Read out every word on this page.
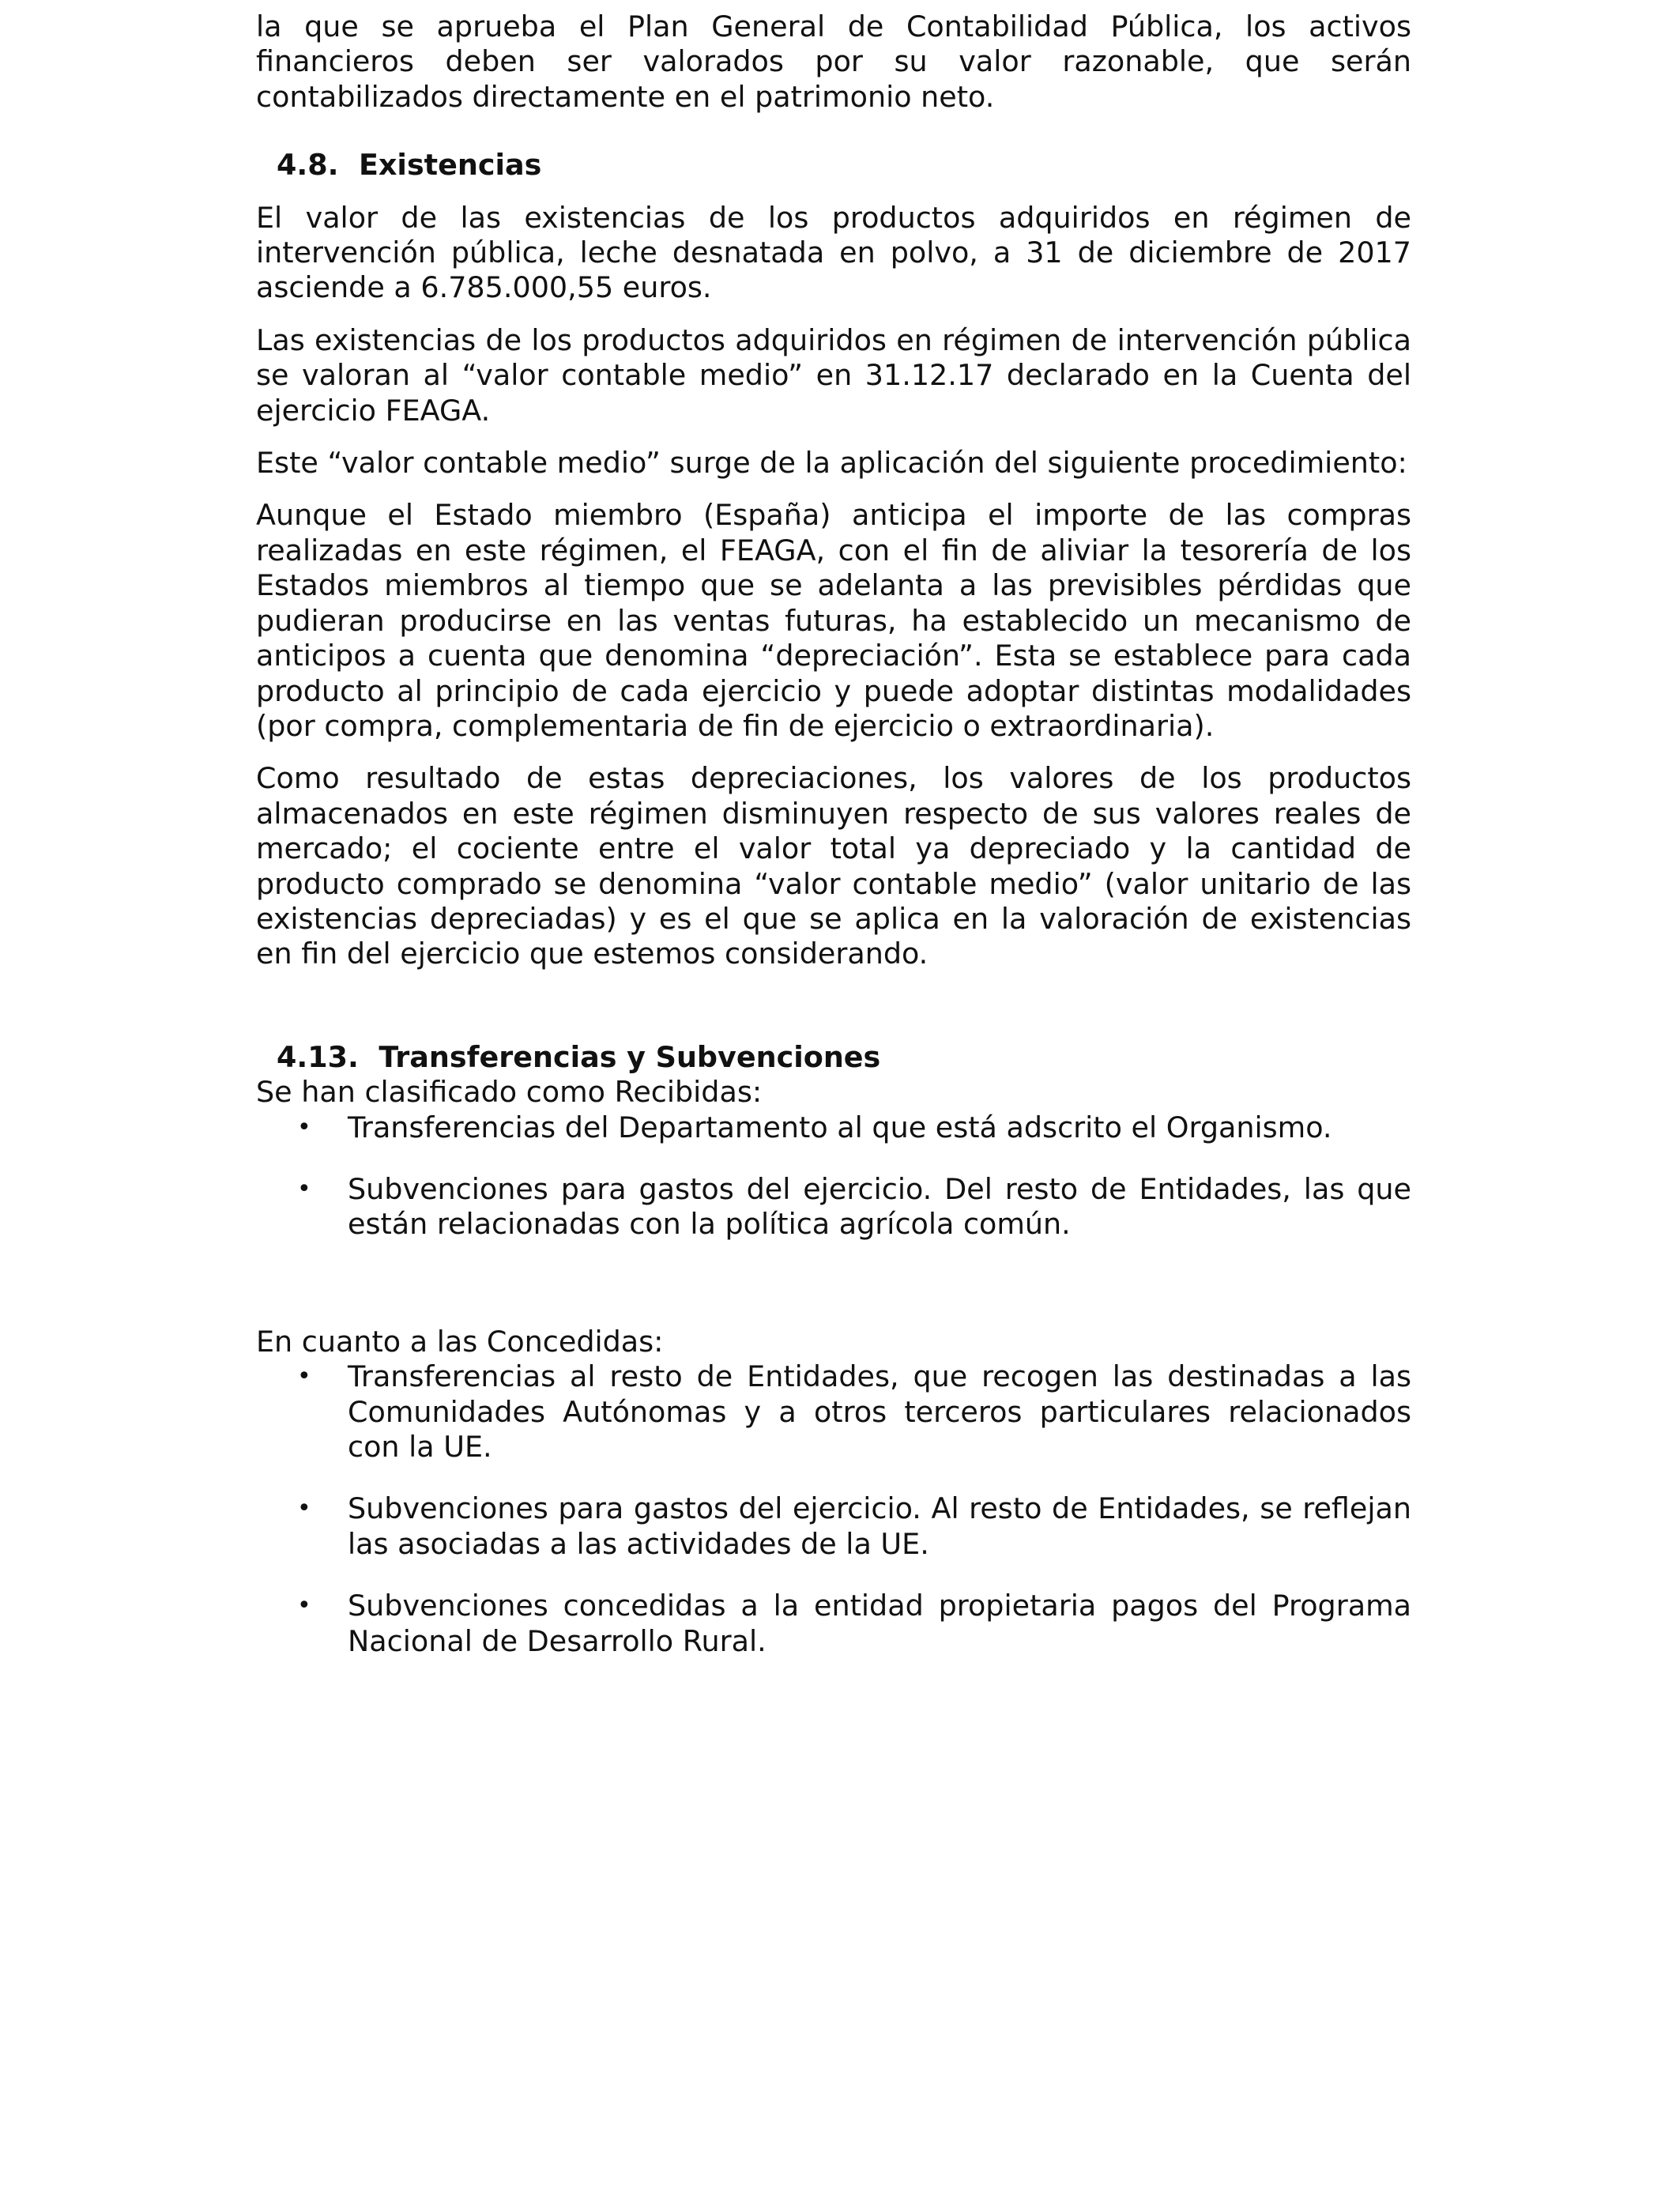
la que se aprueba el Plan General de Contabilidad Pública, los activos financieros deben ser valorados por su valor razonable, que serán contabilizados directamente en el patrimonio neto.

4.8. Existencias

El valor de las existencias de los productos adquiridos en régimen de intervención pública, leche desnatada en polvo, a 31 de diciembre de 2017 asciende a 6.785.000,55 euros.

Las existencias de los productos adquiridos en régimen de intervención pública se valoran al “valor contable medio” en 31.12.17 declarado en la Cuenta del ejercicio FEAGA.

Este “valor contable medio” surge de la aplicación del siguiente procedimiento:

Aunque el Estado miembro (España) anticipa el importe de las compras realizadas en este régimen, el FEAGA, con el fin de aliviar la tesorería de los Estados miembros al tiempo que se adelanta a las previsibles pérdidas que pudieran producirse en las ventas futuras, ha establecido un mecanismo de anticipos a cuenta que denomina “depreciación”. Esta se establece para cada producto al principio de cada ejercicio y puede adoptar distintas modalidades (por compra, complementaria de fin de ejercicio o extraordinaria).

Como resultado de estas depreciaciones, los valores de los productos almacenados en este régimen disminuyen respecto de sus valores reales de mercado; el cociente entre el valor total ya depreciado y la cantidad de producto comprado se denomina “valor contable medio” (valor unitario de las existencias depreciadas) y es el que se aplica en la valoración de existencias en fin del ejercicio que estemos considerando.

4.13. Transferencias y Subvenciones

Se han clasificado como Recibidas:

• Transferencias del Departamento al que está adscrito el Organismo.
• Subvenciones para gastos del ejercicio. Del resto de Entidades, las que están relacionadas con la política agrícola común.

En cuanto a las Concedidas:

• Transferencias al resto de Entidades, que recogen las destinadas a las Comunidades Autónomas y a otros terceros particulares relacionados con la UE.
• Subvenciones para gastos del ejercicio. Al resto de Entidades, se reflejan las asociadas a las actividades de la UE.
• Subvenciones concedidas a la entidad propietaria pagos del Programa Nacional de Desarrollo Rural.
